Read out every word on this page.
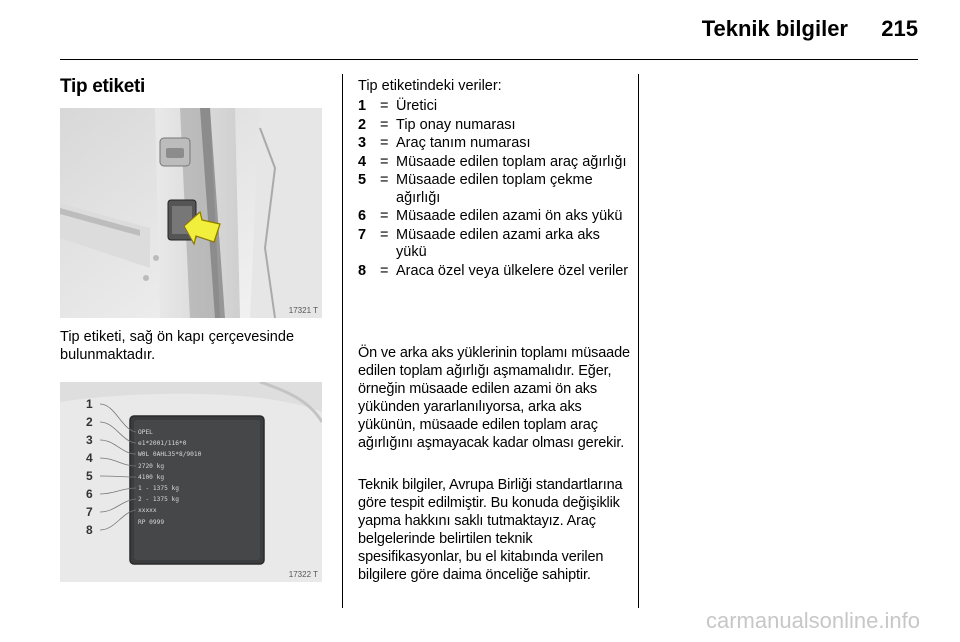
Teknik bilgiler 215
Tip etiketi
17321 T
Tip etiketi, sağ ön kapı çerçevesinde bulunmaktadır.
OPEL
e1*2001/116*0
W0L 0AHL35*8/9010
2720 kg
4100 kg
1 - 1375 kg
2 - 1375 kg
xxxxx
RP 0999
1
2
3
4
5
6
7
8
17322 T
Tip etiketindeki veriler:
1 = Üretici
2 = Tip onay numarası
3 = Araç tanım numarası
4 = Müsaade edilen toplam araç ağırlığı
5 = Müsaade edilen toplam çekme ağırlığı
6 = Müsaade edilen azami ön aks yükü
7 = Müsaade edilen azami arka aks yükü
8 = Araca özel veya ülkelere özel veriler
Ön ve arka aks yüklerinin toplamı müsaade edilen toplam ağırlığı aşmamalıdır. Eğer, örneğin müsaade edilen azami ön aks yükünden yararlanılıyorsa, arka aks yükünün, müsaade edilen toplam araç ağırlığını aşmayacak kadar olması gerekir.
Teknik bilgiler, Avrupa Birliği standartlarına göre tespit edilmiştir. Bu konuda değişiklik yapma hakkını saklı tutmaktayız. Araç belgelerinde belirtilen teknik spesifikasyonlar, bu el kitabında verilen bilgilere göre daima önceliğe sahiptir.
carmanualsonline.info
